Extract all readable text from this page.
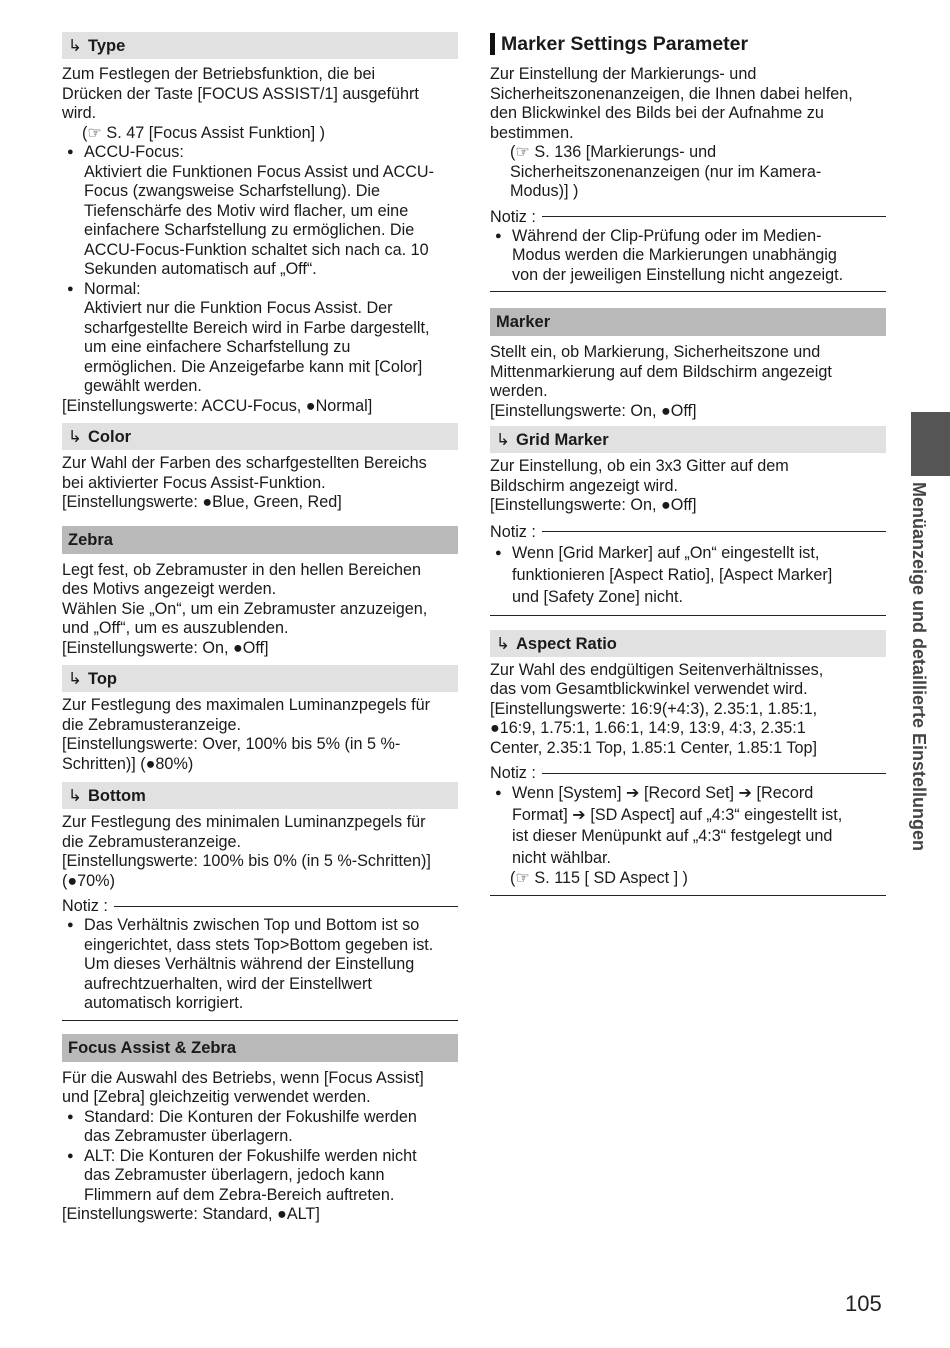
↳ Type

Zum Festlegen der Betriebsfunktion, die bei

Drücken der Taste [FOCUS ASSIST/1] ausgeführt

wird.

(☞ S. 47 [Focus Assist Funktion] )

● ACCU-Focus:
Aktiviert die Funktionen Focus Assist und ACCU-
Focus (zwangsweise Scharfstellung). Die
Tiefenschärfe des Motiv wird flacher, um eine
einfachere Scharfstellung zu ermöglichen. Die
ACCU-Focus-Funktion schaltet sich nach ca. 10
Sekunden automatisch auf „Off“.
● Normal:
Aktiviert nur die Funktion Focus Assist. Der
scharfgestellte Bereich wird in Farbe dargestellt,
um eine einfachere Scharfstellung zu
ermöglichen. Die Anzeigefarbe kann mit [Color]
gewählt werden.

[Einstellungswerte: ACCU-Focus, ●Normal]

↳ Color

Zur Wahl der Farben des scharfgestellten Bereichs

bei aktivierter Focus Assist-Funktion.

[Einstellungswerte: ●Blue, Green, Red]

Zebra

Legt fest, ob Zebramuster in den hellen Bereichen

des Motivs angezeigt werden.

Wählen Sie „On“, um ein Zebramuster anzuzeigen,

und „Off“, um es auszublenden.

[Einstellungswerte: On, ●Off]

↳ Top

Zur Festlegung des maximalen Luminanzpegels für

die Zebramusteranzeige.

[Einstellungswerte: Over, 100% bis 5% (in 5 %-

Schritten)] (●80%)

↳ Bottom

Zur Festlegung des minimalen Luminanzpegels für

die Zebramusteranzeige.

[Einstellungswerte: 100% bis 0% (in 5 %-Schritten)]

(●70%)

Notiz :
● Das Verhältnis zwischen Top und Bottom ist so
eingerichtet, dass stets Top>Bottom gegeben ist.
Um dieses Verhältnis während der Einstellung
aufrechtzuerhalten, wird der Einstellwert
automatisch korrigiert.
Focus Assist & Zebra

Für die Auswahl des Betriebs, wenn [Focus Assist]

und [Zebra] gleichzeitig verwendet werden.

● Standard: Die Konturen der Fokushilfe werden
das Zebramuster überlagern.
● ALT: Die Konturen der Fokushilfe werden nicht
das Zebramuster überlagern, jedoch kann
Flimmern auf dem Zebra-Bereich auftreten.

[Einstellungswerte: Standard, ●ALT]

Marker Settings Parameter

Zur Einstellung der Markierungs- und

Sicherheitszonenanzeigen, die Ihnen dabei helfen,

den Blickwinkel des Bilds bei der Aufnahme zu

bestimmen.

(☞ S. 136 [Markierungs- und

Sicherheitszonenanzeigen (nur im Kamera-

Modus)] )

Notiz :
● Während der Clip-Prüfung oder im Medien-
Modus werden die Markierungen unabhängig
von der jeweiligen Einstellung nicht angezeigt.
Marker

Stellt ein, ob Markierung, Sicherheitszone und

Mittenmarkierung auf dem Bildschirm angezeigt

werden.

[Einstellungswerte: On, ●Off]

↳ Grid Marker

Zur Einstellung, ob ein 3x3 Gitter auf dem

Bildschirm angezeigt wird.

[Einstellungswerte: On, ●Off]

Notiz :
● Wenn [Grid Marker] auf „On“ eingestellt ist,
funktionieren [Aspect Ratio], [Aspect Marker]
und [Safety Zone] nicht.
↳ Aspect Ratio

Zur Wahl des endgültigen Seitenverhältnisses,

das vom Gesamtblickwinkel verwendet wird.

[Einstellungswerte: 16:9(+4:3), 2.35:1, 1.85:1,

●16:9, 1.75:1, 1.66:1, 14:9, 13:9, 4:3, 2.35:1

Center, 2.35:1 Top, 1.85:1 Center, 1.85:1 Top]

Notiz :
● Wenn [System] ➔ [Record Set] ➔ [Record
Format] ➔ [SD Aspect] auf „4:3“ eingestellt ist,
ist dieser Menüpunkt auf „4:3“ festgelegt und
nicht wählbar.

(☞ S. 115 [ SD Aspect ] )

Menüanzeige und detaillierte Einstellungen
105
